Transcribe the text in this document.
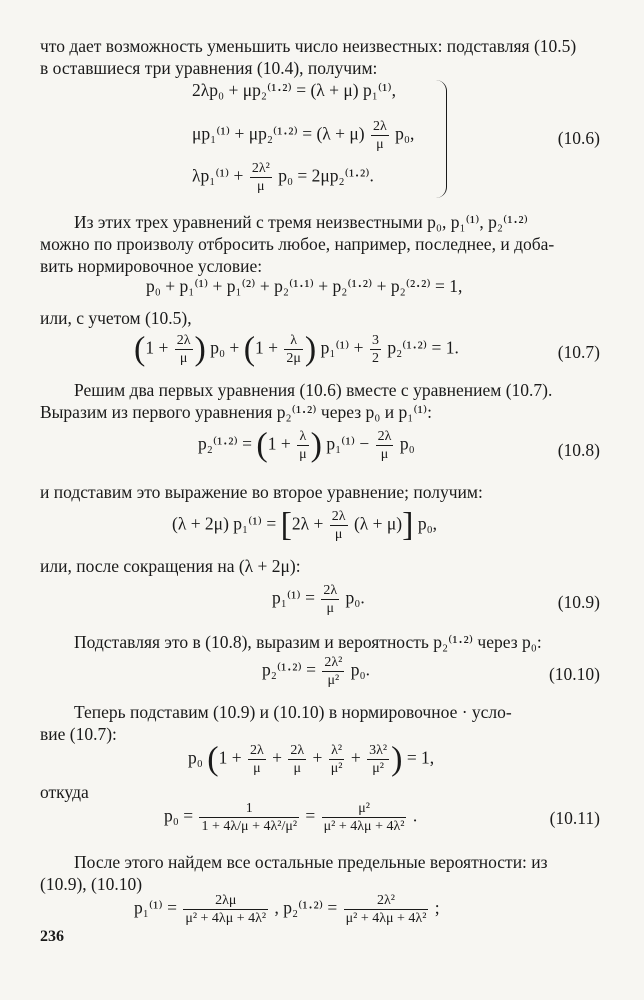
что дает возможность уменьшить число неизвестных: подставляя (10.5)

в оставшиеся три уравнения (10.4), получим:

2λp₀ + μp₂⁽¹·²⁾ = (λ + μ) p₁⁽¹⁾,
$\mu p_1^{(1)} + \mu p_2^{(1}\cdot^{2)} = (\lambda + \mu) \frac{2\lambda}{\mu} p_0$,
$\lambda p_1^{(1)} + \frac{\text{2λ²}}{\mu} p_0 = 2\mu p_2^{(1}\cdot^{2)}$.
(10.6)

Из этих трех уравнений с тремя неизвестными p₀, p₁⁽¹⁾, p₂⁽¹·²⁾

можно по произволу отбросить любое, например, последнее, и доба-

вить нормировочное условие:

p₀ + p₁⁽¹⁾ + p₁⁽²⁾ + p₂⁽¹·¹⁾ + p₂⁽¹·²⁾ + p₂⁽²·²⁾ = 1,

или, с учетом (10.5),

($1 + \frac{2\lambda}{\mu}$ ) $p_0 + (1 + \frac{\lambda}{2\mu}$ ) $p_1^{(1)} + \frac{3}{2} p_2^{(1}\cdot^{2)} = 1$.	(10.7)

Решим два первых уравнения (10.6) вместе с уравнением (10.7).

Выразим из первого уравнения p₂⁽¹·²⁾ через p₀ и p₁⁽¹⁾:

$p_2^{(1}\cdot^{2)} = (1 + \frac{\lambda}{\mu}$ ) $p_1^{(1)} - \frac{2\lambda}{\mu} p_0$	(10.8)

и подставим это выражение во второе уравнение; получим:

(λ + 2μ) $p_1^{(1)} = [2\lambda + \frac{2\lambda}{\mu} (\lambda + \mu)]$ p₀,

или, после сокращения на (λ + 2μ):

$p_1^{(1)} = \frac{2\lambda}{\mu} p_0$.	(10.9)

Подставляя это в (10.8), выразим и вероятность p₂⁽¹·²⁾ через p₀:

$p_2^{(1}\cdot^{2)} = \frac{\text{2λ²}}{\text{μ²}} p_0$.	(10.10)

Теперь подставим (10.9) и (10.10) в нормировочное · усло-

вие (10.7):

p₀ ($1 + \frac{2\lambda}{\mu} + \frac{2\lambda}{\mu} + \frac{\text{λ²}}{\text{μ²}} + \frac{\text{3λ²}}{\text{μ²}}$ ) = 1,

откуда

$p_0 = \frac{1}{\text{1 + 4λ/μ + 4λ²/μ²}} = \frac{\text{μ²}}{\text{μ² + 4λμ + 4λ²}}$ .	(10.11)

После этого найдем все остальные предельные вероятности: из

(10.9), (10.10)

$p_1^{(1)} = \frac{2\lambda\mu}{\text{μ² + 4λμ + 4λ²}}$ , $p_2^{(1}\cdot^{2)} = \frac{\text{2λ²}}{\text{μ² + 4λμ + 4λ²}}$ ;
236
